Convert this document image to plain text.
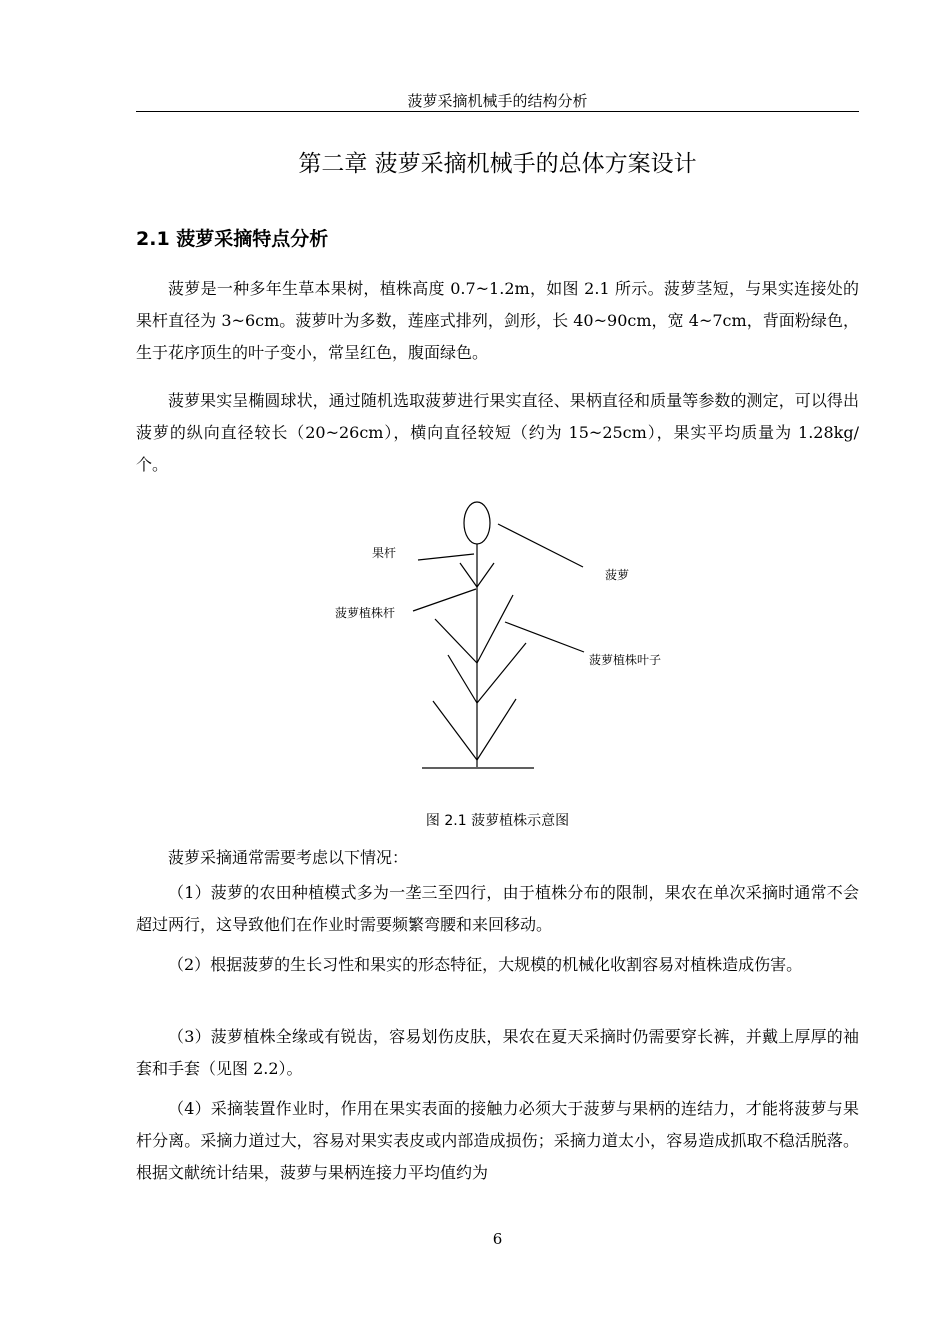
菠萝采摘机械手的结构分析
第二章 菠萝采摘机械手的总体方案设计
2.1 菠萝采摘特点分析

菠萝是一种多年生草本果树，植株高度 0.7~1.2m，如图 2.1 所示。菠萝茎短，与果实连接处的果杆直径为 3~6cm。菠萝叶为多数，莲座式排列，剑形，长 40~90cm，宽 4~7cm，背面粉绿色，生于花序顶生的叶子变小，常呈红色，腹面绿色。

菠萝果实呈椭圆球状，通过随机选取菠萝进行果实直径、果柄直径和质量等参数的测定，可以得出菠萝的纵向直径较长（20~26cm），横向直径较短（约为 15~25cm），果实平均质量为 1.28kg/个。

果杆
菠萝
菠萝植株杆
菠萝植株叶子
图 2.1 菠萝植株示意图

菠萝采摘通常需要考虑以下情况：

（1）菠萝的农田种植模式多为一垄三至四行，由于植株分布的限制，果农在单次采摘时通常不会超过两行，这导致他们在作业时需要频繁弯腰和来回移动。

（2）根据菠萝的生长习性和果实的形态特征，大规模的机械化收割容易对植株造成伤害。

（3）菠萝植株全缘或有锐齿，容易划伤皮肤，果农在夏天采摘时仍需要穿长裤，并戴上厚厚的袖套和手套（见图 2.2）。

（4）采摘装置作业时，作用在果实表面的接触力必须大于菠萝与果柄的连结力，才能将菠萝与果杆分离。采摘力道过大，容易对果实表皮或内部造成损伤；采摘力道太小，容易造成抓取不稳活脱落。根据文献统计结果，菠萝与果柄连接力平均值约为

6
